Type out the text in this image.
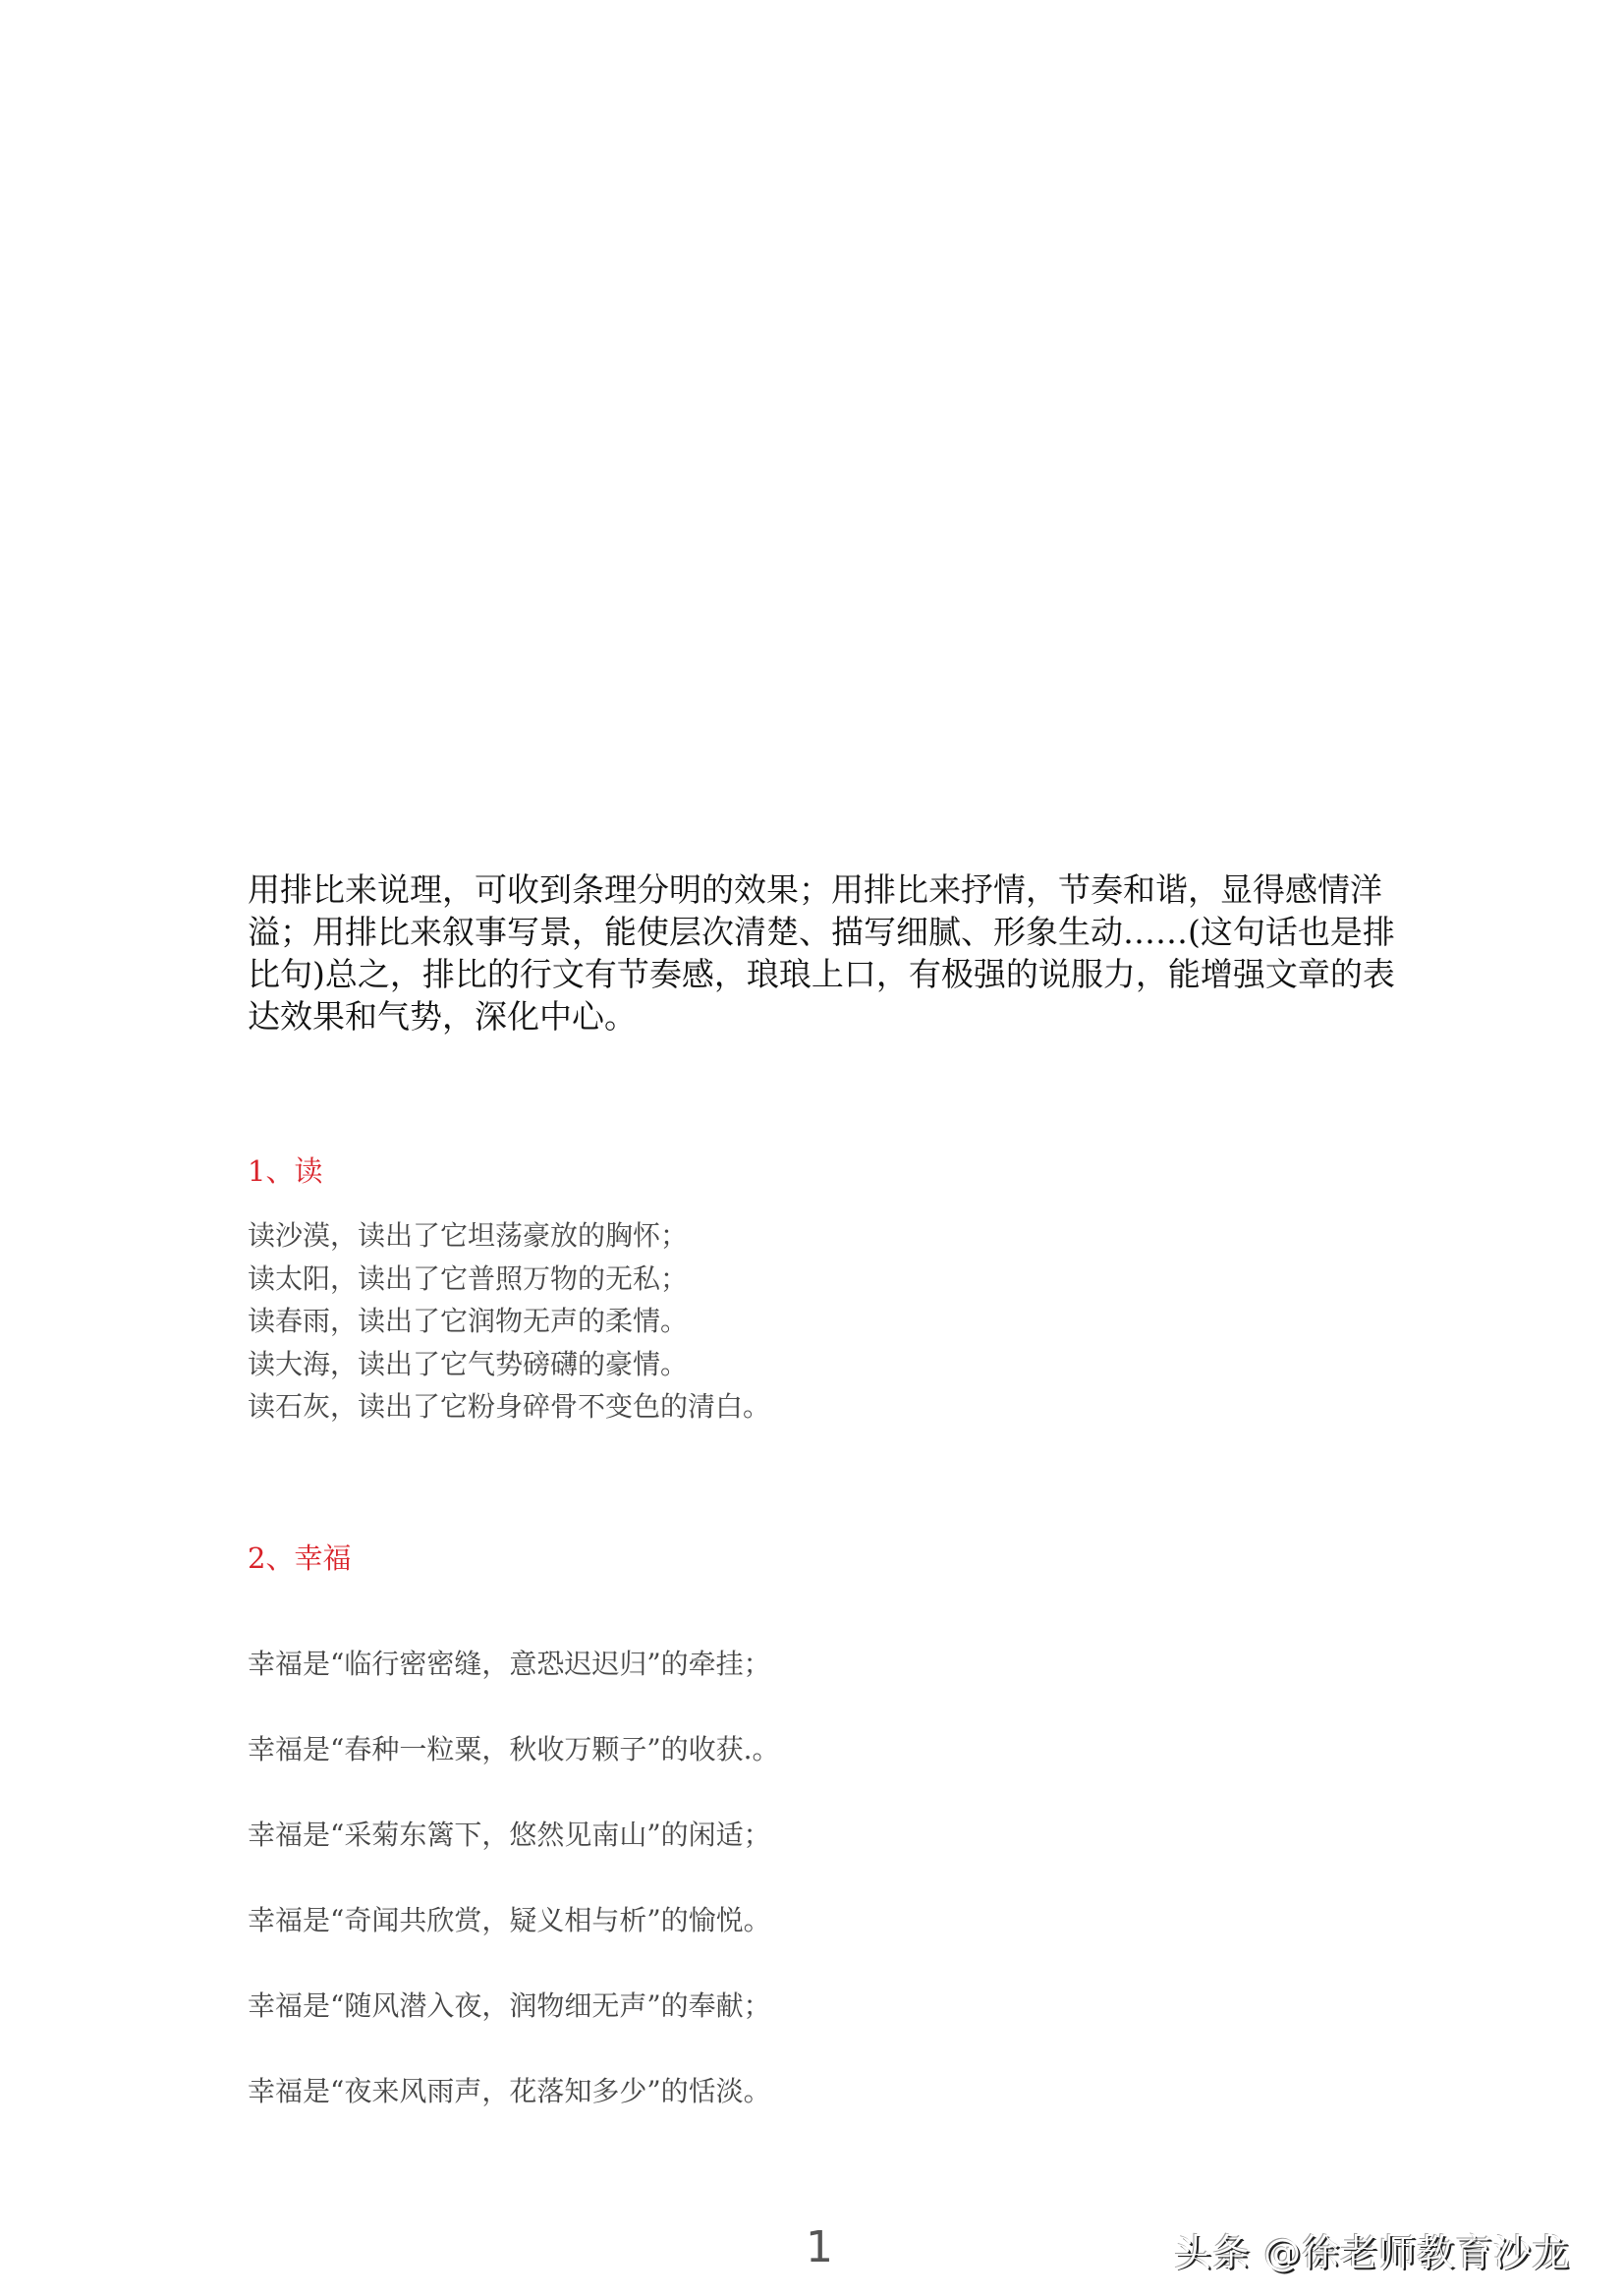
用排比来说理，可收到条理分明的效果；用排比来抒情，节奏和谐，显得感情洋溢；用排比来叙事写景，能使层次清楚、描写细腻、形象生动……(这句话也是排比句)总之，排比的行文有节奏感，琅琅上口，有极强的说服力，能增强文章的表达效果和气势，深化中心。

1、读
读沙漠，读出了它坦荡豪放的胸怀；
读太阳，读出了它普照万物的无私；
读春雨，读出了它润物无声的柔情。
读大海，读出了它气势磅礴的豪情。
读石灰，读出了它粉身碎骨不变色的清白。
2、幸福
幸福是“临行密密缝，意恐迟迟归”的牵挂；
幸福是“春种一粒粟，秋收万颗子”的收获.。
幸福是“采菊东篱下，悠然见南山”的闲适；
幸福是“奇闻共欣赏，疑义相与析”的愉悦。
幸福是“随风潜入夜，润物细无声”的奉献；
幸福是“夜来风雨声，花落知多少”的恬淡。
1	头条 @徐老师教育沙龙
